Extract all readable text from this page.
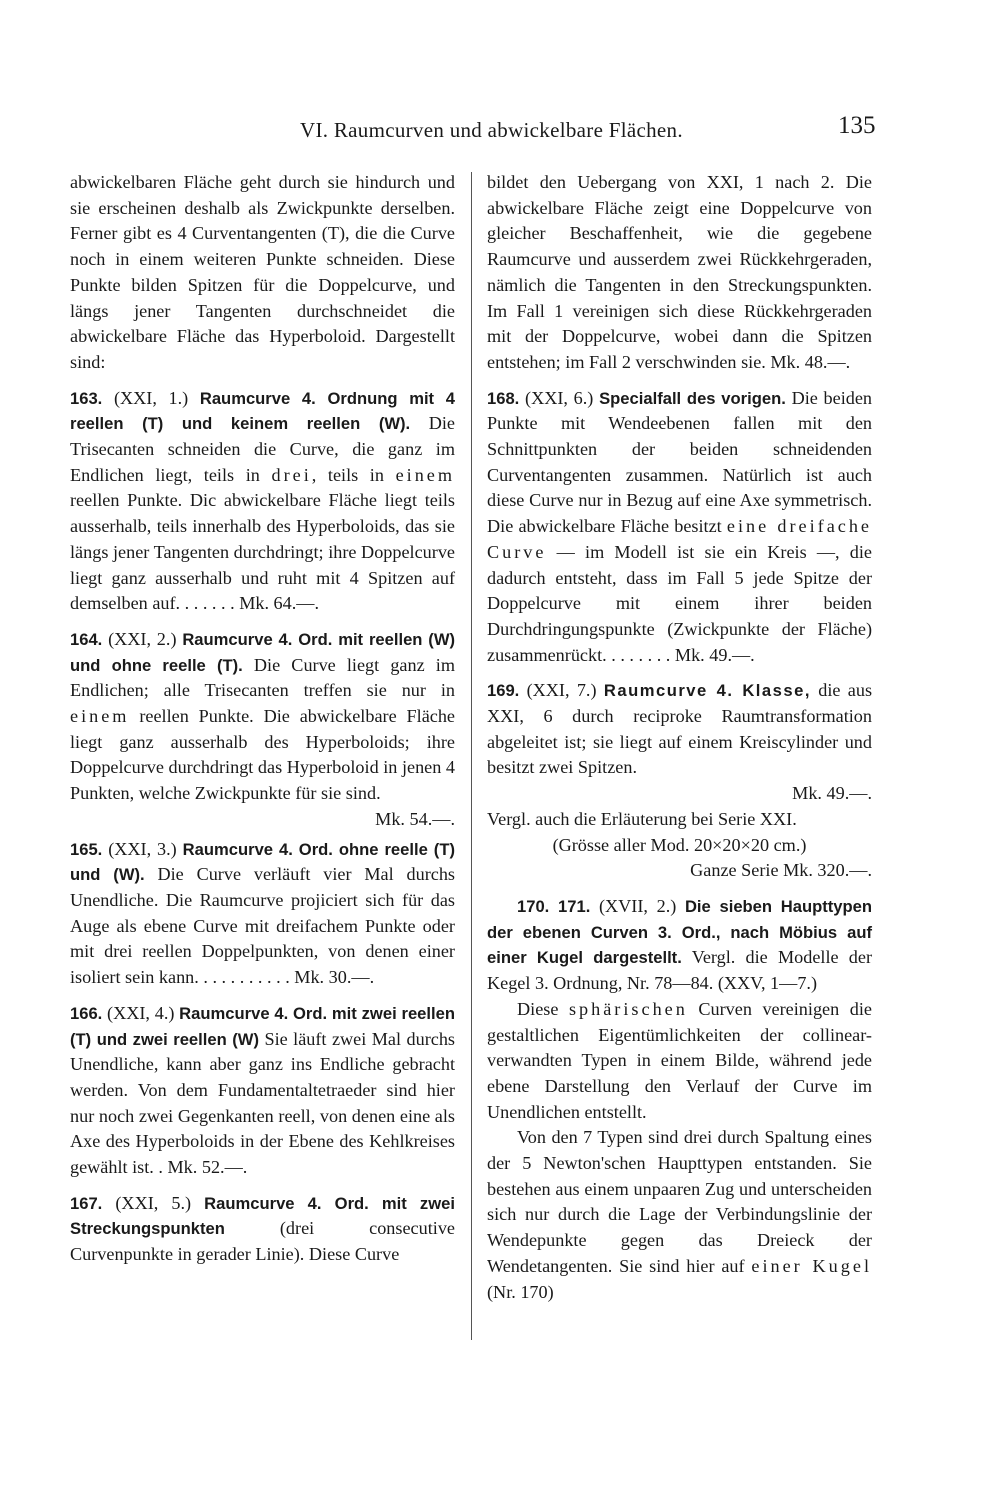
VI. Raumcurven und abwickelbare Flächen.	135

abwickelbaren Fläche geht durch sie hindurch und sie erscheinen deshalb als Zwickpunkte derselben. Ferner gibt es 4 Curventangenten (T), die die Curve noch in einem weiteren Punkte schneiden. Diese Punkte bilden Spitzen für die Doppelcurve, und längs jener Tangenten durchschneidet die abwickelbare Fläche das Hyperboloid. Dargestellt sind:

163. (XXI, 1.) Raumcurve 4. Ordnung mit 4 reellen (T) und keinem reellen (W). Die Trisecanten schneiden die Curve, die ganz im Endlichen liegt, teils in drei, teils in einem reellen Punkte. Dic abwickelbare Fläche liegt teils ausserhalb, teils innerhalb des Hyperboloids, das sie längs jener Tangenten durchdringt; ihre Doppelcurve liegt ganz ausserhalb und ruht mit 4 Spitzen auf demselben auf. . . . . . . Mk. 64.—.

164. (XXI, 2.) Raumcurve 4. Ord. mit reellen (W) und ohne reelle (T). Die Curve liegt ganz im Endlichen; alle Trisecanten treffen sie nur in einem reellen Punkte. Die abwickelbare Fläche liegt ganz ausserhalb des Hyperboloids; ihre Doppelcurve durchdringt das Hyperboloid in jenen 4 Punkten, welche Zwickpunkte für sie sind.

Mk. 54.—.

165. (XXI, 3.) Raumcurve 4. Ord. ohne reelle (T) und (W). Die Curve verläuft vier Mal durchs Unendliche. Die Raumcurve projiciert sich für das Auge als ebene Curve mit dreifachem Punkte oder mit drei reellen Doppelpunkten, von denen einer isoliert sein kann. . . . . . . . . . . Mk. 30.—.

166. (XXI, 4.) Raumcurve 4. Ord. mit zwei reellen (T) und zwei reellen (W) Sie läuft zwei Mal durchs Unendliche, kann aber ganz ins Endliche gebracht werden. Von dem Fundamentaltetraeder sind hier nur noch zwei Gegenkanten reell, von denen eine als Axe des Hyperboloids in der Ebene des Kehlkreises gewählt ist. . Mk. 52.—.

167. (XXI, 5.) Raumcurve 4. Ord. mit zwei Streckungspunkten	(drei consecutive Curvenpunkte in gerader Linie). Diese Curve

bildet den Uebergang von XXI, 1 nach 2. Die abwickelbare Fläche zeigt eine Doppelcurve von gleicher Beschaffenheit, wie die gegebene Raumcurve und ausserdem zwei Rückkehrgeraden, nämlich die Tangenten in den Streckungspunkten. Im Fall 1 vereinigen sich diese Rückkehrgeraden mit der Doppelcurve, wobei dann die Spitzen entstehen; im Fall 2 verschwinden sie. Mk. 48.—.

168. (XXI, 6.) Specialfall des vorigen. Die beiden Punkte mit Wendeebenen fallen mit den Schnittpunkten der beiden schneidenden Curventangenten zusammen. Natürlich ist auch diese Curve nur in Bezug auf eine Axe symmetrisch. Die abwickelbare Fläche besitzt eine dreifache Curve — im Modell ist sie ein Kreis —, die dadurch entsteht, dass im Fall 5 jede Spitze der Doppelcurve mit einem ihrer beiden Durchdringungspunkte (Zwickpunkte der Fläche) zusammenrückt. . . . . . . . Mk. 49.—.

169. (XXI, 7.) Raumcurve 4. Klasse, die aus XXI, 6 durch reciproke Raumtransformation abgeleitet ist; sie liegt auf einem Kreiscylinder und besitzt zwei Spitzen.

Mk. 49.—.

Vergl. auch die Erläuterung bei Serie XXI.

(Grösse aller Mod. 20×20×20 cm.)

Ganze Serie Mk. 320.—.

170. 171. (XVII, 2.) Die sieben Haupttypen der ebenen Curven 3. Ord., nach Möbius auf einer Kugel dargestellt. Vergl. die Modelle der Kegel 3. Ordnung, Nr. 78—84. (XXV, 1—7.)

Diese sphärischen Curven vereinigen die gestaltlichen Eigentümlichkeiten der collinear-verwandten Typen in einem Bilde, während jede ebene Darstellung den Verlauf der Curve im Unendlichen entstellt.

Von den 7 Typen sind drei durch Spaltung eines der 5 Newton'schen Haupttypen entstanden. Sie bestehen aus einem unpaaren Zug und unterscheiden sich nur durch die Lage der Verbindungslinie der Wendepunkte gegen das Dreieck der Wendetangenten. Sie sind hier auf einer Kugel (Nr. 170)
